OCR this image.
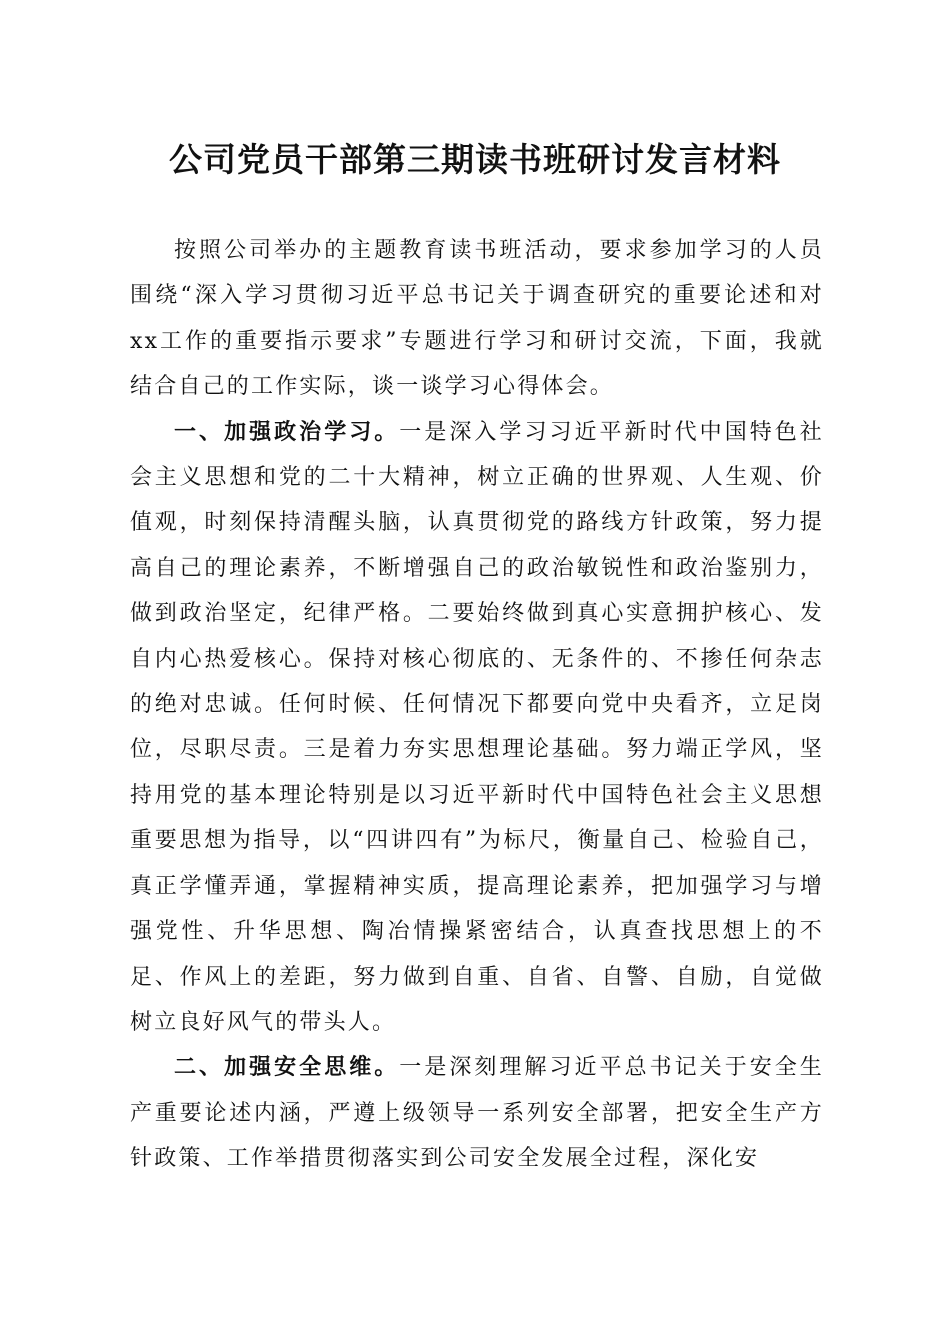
公司党员干部第三期读书班研讨发言材料

按照公司举办的主题教育读书班活动，要求参加学习的人员围绕“深入学习贯彻习近平总书记关于调查研究的重要论述和对xx工作的重要指示要求”专题进行学习和研讨交流，下面，我就结合自己的工作实际，谈一谈学习心得体会。

一、加强政治学习。一是深入学习习近平新时代中国特色社会主义思想和党的二十大精神，树立正确的世界观、人生观、价值观，时刻保持清醒头脑，认真贯彻党的路线方针政策，努力提高自己的理论素养，不断增强自己的政治敏锐性和政治鉴别力，做到政治坚定，纪律严格。二要始终做到真心实意拥护核心、发自内心热爱核心。保持对核心彻底的、无条件的、不掺任何杂志的绝对忠诚。任何时候、任何情况下都要向党中央看齐，立足岗位，尽职尽责。三是着力夯实思想理论基础。努力端正学风，坚持用党的基本理论特别是以习近平新时代中国特色社会主义思想重要思想为指导，以“四讲四有”为标尺，衡量自己、检验自己，真正学懂弄通，掌握精神实质，提高理论素养，把加强学习与增强党性、升华思想、陶冶情操紧密结合，认真查找思想上的不足、作风上的差距，努力做到自重、自省、自警、自励，自觉做树立良好风气的带头人。

二、加强安全思维。一是深刻理解习近平总书记关于安全生产重要论述内涵，严遵上级领导一系列安全部署，把安全生产方针政策、工作举措贯彻落实到公司安全发展全过程，深化安
